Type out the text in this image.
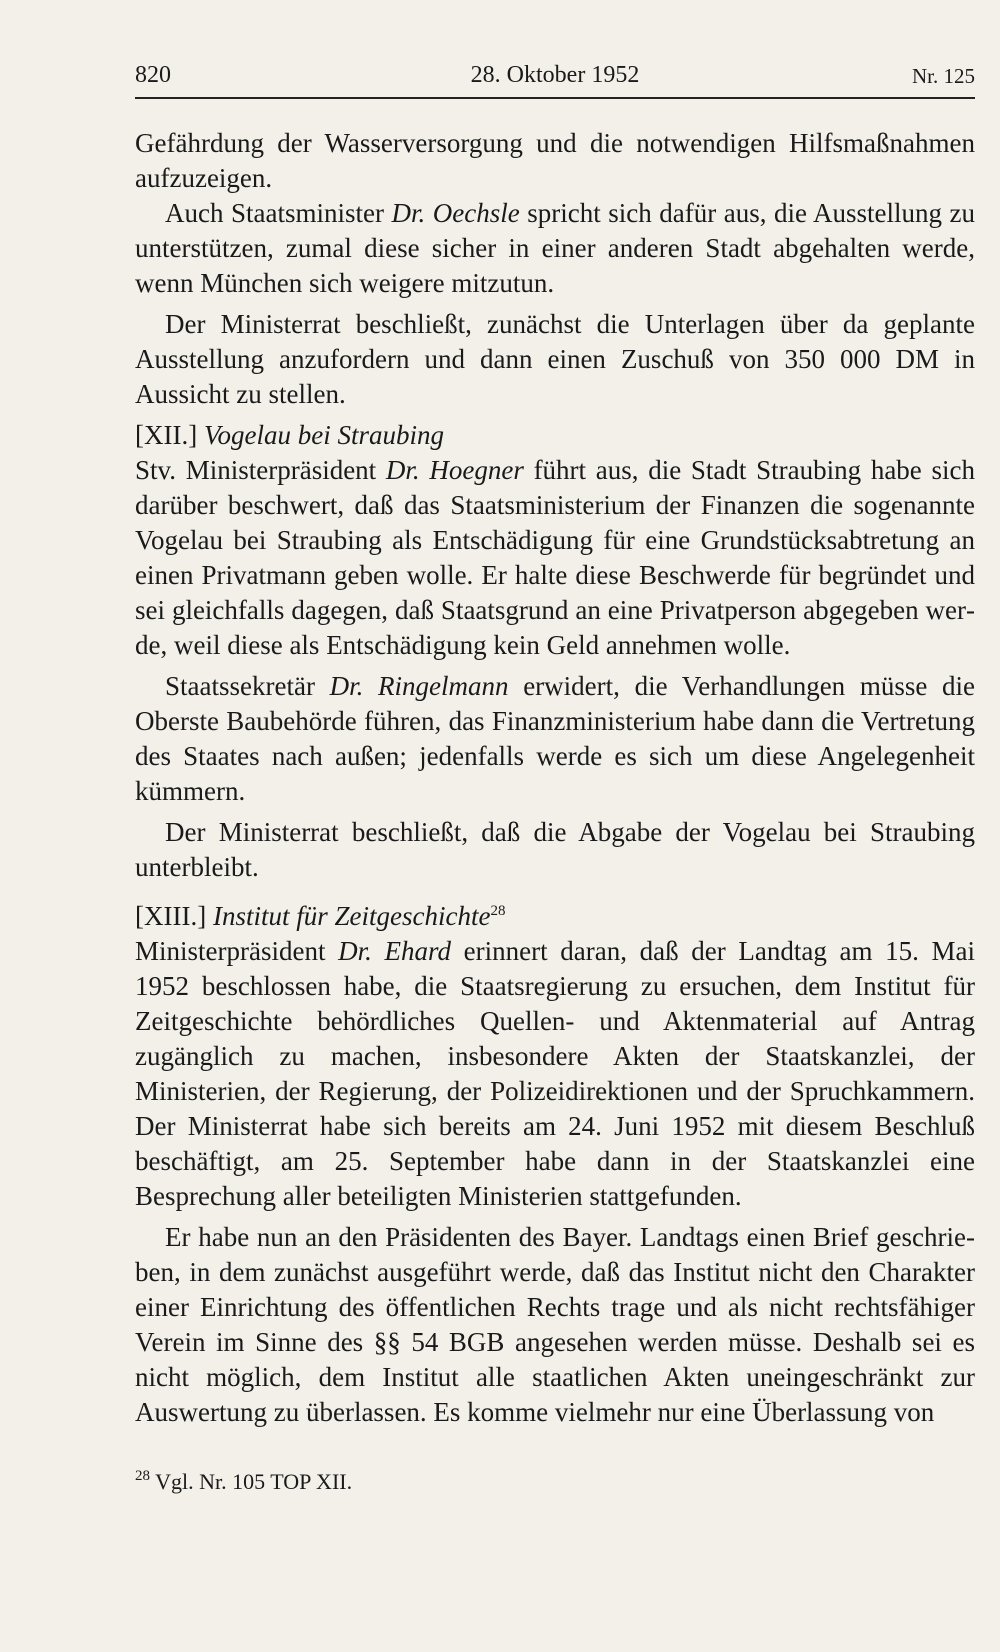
820	28. Oktober 1952	Nr. 125

Gefährdung der Wasserversorgung und die notwendigen Hilfsmaßnahmen aufzuzeigen.

Auch Staatsminister Dr. Oechsle spricht sich dafür aus, die Ausstellung zu unterstützen, zumal diese sicher in einer anderen Stadt abgehalten werde, wenn München sich weigere mitzutun.

Der Ministerrat beschließt, zunächst die Unterlagen über da geplante Ausstellung anzufordern und dann einen Zuschuß von 350 000 DM in Aussicht zu stellen.

[XII.] Vogelau bei Straubing

Stv. Ministerpräsident Dr. Hoegner führt aus, die Stadt Straubing habe sich darüber beschwert, daß das Staatsministerium der Finanzen die sogenannte Vogelau bei Straubing als Entschädigung für eine Grundstücksabtretung an einen Privatmann geben wolle. Er halte diese Beschwerde für begründet und sei gleichfalls dagegen, daß Staatsgrund an eine Privatperson abgegeben werde, weil diese als Entschädigung kein Geld annehmen wolle.

Staatssekretär Dr. Ringelmann erwidert, die Verhandlungen müsse die Oberste Baubehörde führen, das Finanzministerium habe dann die Vertretung des Staates nach außen; jedenfalls werde es sich um diese Angelegenheit kümmern.

Der Ministerrat beschließt, daß die Abgabe der Vogelau bei Straubing unterbleibt.

[XIII.] Institut für Zeitgeschichte$^{28}$

Ministerpräsident Dr. Ehard erinnert daran, daß der Landtag am 15. Mai 1952 beschlossen habe, die Staatsregierung zu ersuchen, dem Institut für Zeitgeschichte behördliches Quellen- und Aktenmaterial auf Antrag zugänglich zu machen, insbesondere Akten der Staatskanzlei, der Ministerien, der Regierung, der Polizeidirektionen und der Spruchkammern. Der Ministerrat habe sich bereits am 24. Juni 1952 mit diesem Beschluß beschäftigt, am 25. September habe dann in der Staatskanzlei eine Besprechung aller beteiligten Ministerien stattgefunden.

Er habe nun an den Präsidenten des Bayer. Landtags einen Brief geschrieben, in dem zunächst ausgeführt werde, daß das Institut nicht den Charakter einer Einrichtung des öffentlichen Rechts trage und als nicht rechtsfähiger Verein im Sinne des §§ 54 BGB angesehen werden müsse. Deshalb sei es nicht möglich, dem Institut alle staatlichen Akten uneingeschränkt zur Auswertung zu überlassen. Es komme vielmehr nur eine Überlassung von

$^{28}$ Vgl. Nr. 105 TOP XII.
